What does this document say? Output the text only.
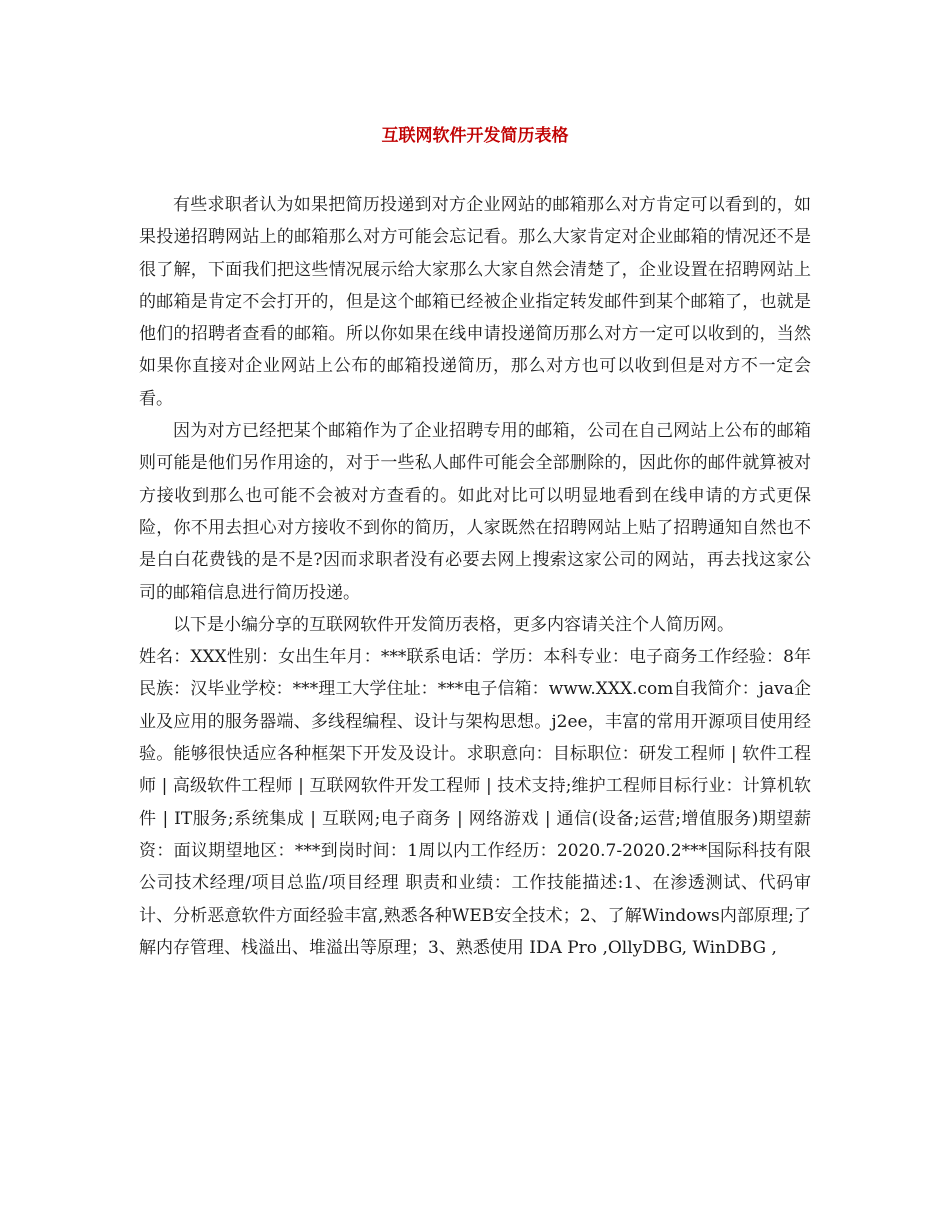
互联网软件开发简历表格

有些求职者认为如果把简历投递到对方企业网站的邮箱那么对方肯定可以看到的，如果投递招聘网站上的邮箱那么对方可能会忘记看。那么大家肯定对企业邮箱的情况还不是很了解，下面我们把这些情况展示给大家那么大家自然会清楚了，企业设置在招聘网站上的邮箱是肯定不会打开的，但是这个邮箱已经被企业指定转发邮件到某个邮箱了，也就是他们的招聘者查看的邮箱。所以你如果在线申请投递简历那么对方一定可以收到的，当然如果你直接对企业网站上公布的邮箱投递简历，那么对方也可以收到但是对方不一定会看。

因为对方已经把某个邮箱作为了企业招聘专用的邮箱，公司在自己网站上公布的邮箱则可能是他们另作用途的，对于一些私人邮件可能会全部删除的，因此你的邮件就算被对方接收到那么也可能不会被对方查看的。如此对比可以明显地看到在线申请的方式更保险，你不用去担心对方接收不到你的简历，人家既然在招聘网站上贴了招聘通知自然也不是白白花费钱的是不是?因而求职者没有必要去网上搜索这家公司的网站，再去找这家公司的邮箱信息进行简历投递。

以下是小编分享的互联网软件开发简历表格，更多内容请关注个人简历网。

姓名：XXX性别：女出生年月：***联系电话：学历：本科专业：电子商务工作经验：8年民族：汉毕业学校：***理工大学住址：***电子信箱：www.XXX.com自我简介：java企业及应用的服务器端、多线程编程、设计与架构思想。j2ee，丰富的常用开源项目使用经验。能够很快适应各种框架下开发及设计。求职意向：目标职位：研发工程师 | 软件工程师 | 高级软件工程师 | 互联网软件开发工程师 | 技术支持;维护工程师目标行业：计算机软件 | IT服务;系统集成 | 互联网;电子商务 | 网络游戏 | 通信(设备;运营;增值服务)期望薪资：面议期望地区：***到岗时间：1周以内工作经历：2020.7-2020.2***国际科技有限公司技术经理/项目总监/项目经理 职责和业绩：工作技能描述:1、在渗透测试、代码审计、分析恶意软件方面经验丰富,熟悉各种WEB安全技术；2、了解Windows内部原理;了解内存管理、栈溢出、堆溢出等原理；3、熟悉使用 IDA Pro ,OllyDBG, WinDBG ,
